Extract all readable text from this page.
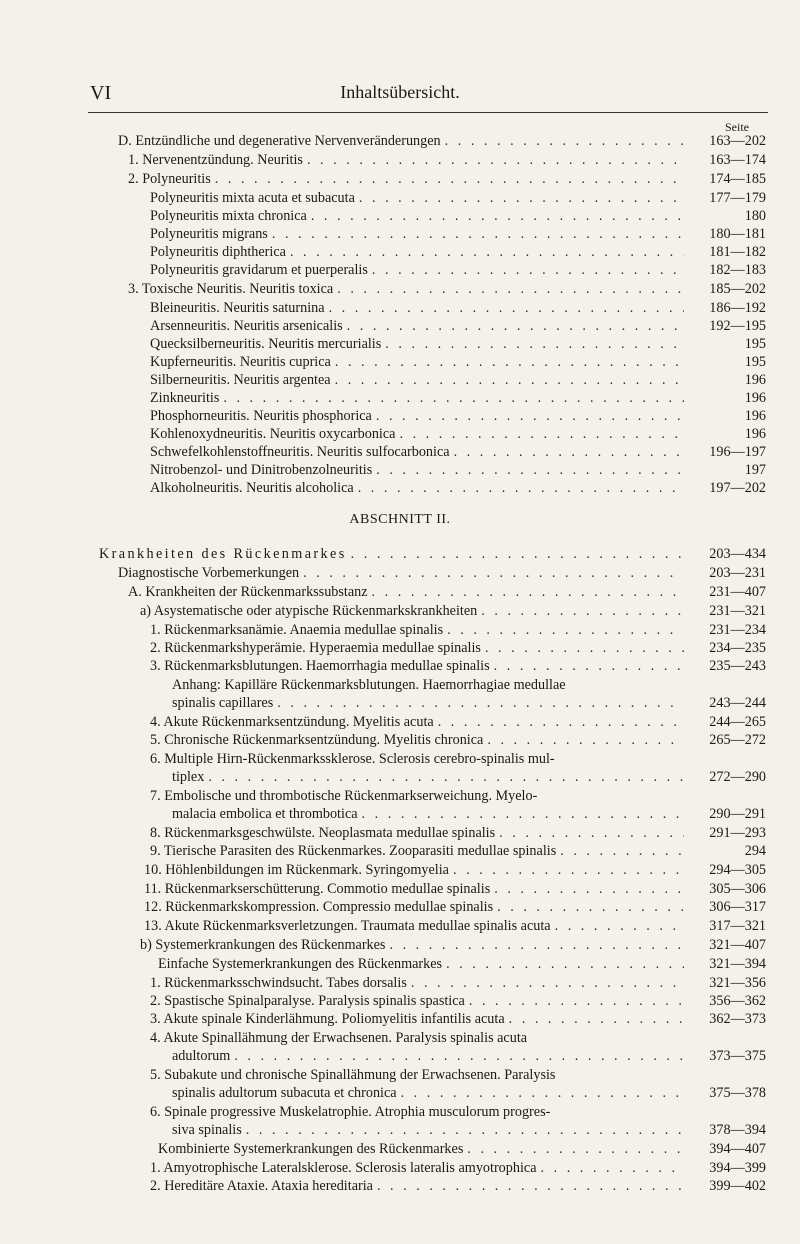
VI	Inhaltsübersicht.
Seite
ABSCHNITT II.
D. Entzündliche und degenerative Nervenveränderungen . . .	163—202
1. Nervenentzündung. Neuritis . . .	163—174
2. Polyneuritis . . .	174—185
Polyneuritis mixta acuta et subacuta . . .	177—179
Polyneuritis mixta chronica . . .	180
Polyneuritis migrans . . .	180—181
Polyneuritis diphtherica . . .	181—182
Polyneuritis gravidarum et puerperalis . . .	182—183
3. Toxische Neuritis. Neuritis toxica . . .	185—202
Bleineuritis. Neuritis saturnina . . .	186—192
Arsenneuritis. Neuritis arsenicalis . . .	192—195
Quecksilberneuritis. Neuritis mercurialis . . .	195
Kupferneuritis. Neuritis cuprica . . .	195
Silberneuritis. Neuritis argentea . . .	196
Zinkneuritis . . .	196
Phosphorneuritis. Neuritis phosphorica . . .	196
Kohlenoxydneuritis. Neuritis oxycarbonica . . .	196
Schwefelkohlenstoffneuritis. Neuritis sulfocarbonica . . .	196—197
Nitrobenzol- und Dinitrobenzolneuritis . . .	197
Alkoholneuritis. Neuritis alcoholica . . .	197—202
Krankheiten des Rückenmarkes . . .	203—434
Diagnostische Vorbemerkungen . . .	203—231
A. Krankheiten der Rückenmarkssubstanz . . .	231—407
a) Asystematische oder atypische Rückenmarkskrankheiten . . .	231—321
1. Rückenmarksanämie. Anaemia medullae spinalis . . .	231—234
2. Rückenmarkshyperämie. Hyperaemia medullae spinalis . . .	234—235
3. Rückenmarksblutungen. Haemorrhagia medullae spinalis . . .	235—243
Anhang: Kapilläre Rückenmarksblutungen. Haemorrhagiae medullae
spinalis capillares . . .	243—244
4. Akute Rückenmarksentzündung. Myelitis acuta . . .	244—265
5. Chronische Rückenmarksentzündung. Myelitis chronica . . .	265—272
6. Multiple Hirn-Rückenmarkssklerose. Sclerosis cerebro-spinalis mul-
tiplex . . .	272—290
7. Embolische und thrombotische Rückenmarkserweichung. Myelo-
malacia embolica et thrombotica . . .	290—291
8. Rückenmarksgeschwülste. Neoplasmata medullae spinalis . . .	291—293
9. Tierische Parasiten des Rückenmarkes. Zooparasiti medullae spinalis . . .	294
10. Höhlenbildungen im Rückenmark. Syringomyelia . . .	294—305
11. Rückenmarkserschütterung. Commotio medullae spinalis . . .	305—306
12. Rückenmarkskompression. Compressio medullae spinalis . . .	306—317
13. Akute Rückenmarksverletzungen. Traumata medullae spinalis acuta . . .	317—321
b) Systemerkrankungen des Rückenmarkes . . .	321—407
Einfache Systemerkrankungen des Rückenmarkes . . .	321—394
1. Rückenmarksschwindsucht. Tabes dorsalis . . .	321—356
2. Spastische Spinalparalyse. Paralysis spinalis spastica . . .	356—362
3. Akute spinale Kinderlähmung. Poliomyelitis infantilis acuta . . .	362—373
4. Akute Spinallähmung der Erwachsenen. Paralysis spinalis acuta
adultorum . . .	373—375
5. Subakute und chronische Spinallähmung der Erwachsenen. Paralysis
spinalis adultorum subacuta et chronica . . .	375—378
6. Spinale progressive Muskelatrophie. Atrophia musculorum progres-
siva spinalis . . .	378—394
Kombinierte Systemerkrankungen des Rückenmarkes . . .	394—407
1. Amyotrophische Lateralsklerose. Sclerosis lateralis amyotrophica . . .	394—399
2. Hereditäre Ataxie. Ataxia hereditaria . . .	399—402
